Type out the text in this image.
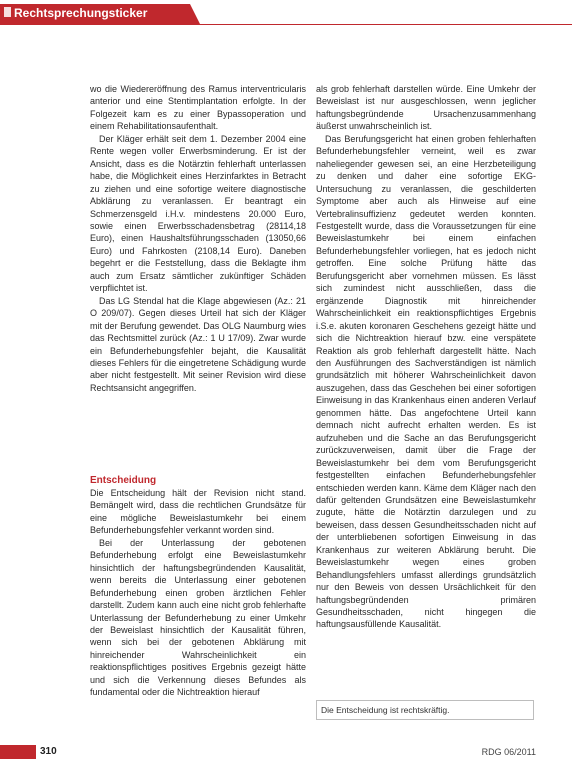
Rechtsprechungsticker

wo die Wiedereröffnung des Ramus interventricularis anterior und eine Stentimplantation erfolgte. In der Folgezeit kam es zu einer Bypassoperation und einem Rehabilitationsaufenthalt.

Der Kläger erhält seit dem 1. Dezember 2004 eine Rente wegen voller Erwerbsminderung. Er ist der Ansicht, dass es die Notärztin fehlerhaft unterlassen habe, die Möglichkeit eines Herzinfarktes in Betracht zu ziehen und eine sofortige weitere diagnostische Abklärung zu veranlassen. Er beantragt ein Schmerzensgeld i.H.v. mindestens 20.000 Euro, sowie einen Erwerbsschadensbetrag (28114,18 Euro), einen Haushaltsführungsschaden (13050,66 Euro) und Fahrkosten (2108,14 Euro). Daneben begehrt er die Feststellung, dass die Beklagte ihm auch zum Ersatz sämtlicher zukünftiger Schäden verpflichtet ist.

Das LG Stendal hat die Klage abgewiesen (Az.: 21 O 209/07). Gegen dieses Urteil hat sich der Kläger mit der Berufung gewendet. Das OLG Naumburg wies das Rechtsmittel zurück (Az.: 1 U 17/09). Zwar wurde ein Befunderhebungsfehler bejaht, die Kausalität dieses Fehlers für die eingetretene Schädigung wurde aber nicht festgestellt. Mit seiner Revision wird diese Rechtsansicht angegriffen.

Entscheidung

Die Entscheidung hält der Revision nicht stand. Bemängelt wird, dass die rechtlichen Grundsätze für eine mögliche Beweislastumkehr bei einem Befunderhebungsfehler verkannt worden sind.

Bei der Unterlassung der gebotenen Befunderhebung erfolgt eine Beweislastumkehr hinsichtlich der haftungsbegründenden Kausalität, wenn bereits die Unterlassung einer gebotenen Befunderhebung einen groben ärztlichen Fehler darstellt. Zudem kann auch eine nicht grob fehlerhafte Unterlassung der Befunderhebung zu einer Umkehr der Beweislast hinsichtlich der Kausalität führen, wenn sich bei der gebotenen Abklärung mit hinreichender Wahrscheinlichkeit ein reaktionspflichtiges positives Ergebnis gezeigt hätte und sich die Verkennung dieses Befundes als fundamental oder die Nichtreaktion hierauf

als grob fehlerhaft darstellen würde. Eine Umkehr der Beweislast ist nur ausgeschlossen, wenn jeglicher haftungsbegründende Ursachenzusammenhang äußerst unwahrscheinlich ist.

Das Berufungsgericht hat einen groben fehlerhaften Befunderhebungsfehler verneint, weil es zwar naheliegender gewesen sei, an eine Herzbeteiligung zu denken und daher eine sofortige EKG-Untersuchung zu veranlassen, die geschilderten Symptome aber auch als Hinweise auf eine Vertebralinsuffizienz gedeutet werden konnten. Festgestellt wurde, dass die Voraussetzungen für eine Beweislastumkehr bei einem einfachen Befunderhebungsfehler vorliegen, hat es jedoch nicht getroffen. Eine solche Prüfung hätte das Berufungsgericht aber vornehmen müssen. Es lässt sich zumindest nicht ausschließen, dass die ergänzende Diagnostik mit hinreichender Wahrscheinlichkeit ein reaktionspflichtiges Ergebnis i.S.e. akuten koronaren Geschehens gezeigt hätte und sich die Nichtreaktion hierauf bzw. eine verspätete Reaktion als grob fehlerhaft dargestellt hätte. Nach den Ausführungen des Sachverständigen ist nämlich grundsätzlich mit höherer Wahrscheinlichkeit davon auszugehen, dass das Geschehen bei einer sofortigen Einweisung in das Krankenhaus einen anderen Verlauf genommen hätte. Das angefochtene Urteil kann demnach nicht aufrecht erhalten werden. Es ist aufzuheben und die Sache an das Berufungsgericht zurückzuverweisen, damit über die Frage der Beweislastumkehr bei dem vom Berufungsgericht festgestellten einfachen Befunderhebungsfehler entschieden werden kann. Käme dem Kläger nach den dafür geltenden Grundsätzen eine Beweislastumkehr zugute, hätte die Notärztin darzulegen und zu beweisen, dass dessen Gesundheitsschaden nicht auf der unterbliebenen sofortigen Einweisung in das Krankenhaus zur weiteren Abklärung beruht. Die Beweislastumkehr wegen eines groben Behandlungsfehlers umfasst allerdings grundsätzlich nur den Beweis von dessen Ursächlichkeit für den haftungsbegründenden primären Gesundheitsschaden, nicht hingegen die haftungsausfüllende Kausalität.

Die Entscheidung ist rechtskräftig.
310	RDG 06/2011
